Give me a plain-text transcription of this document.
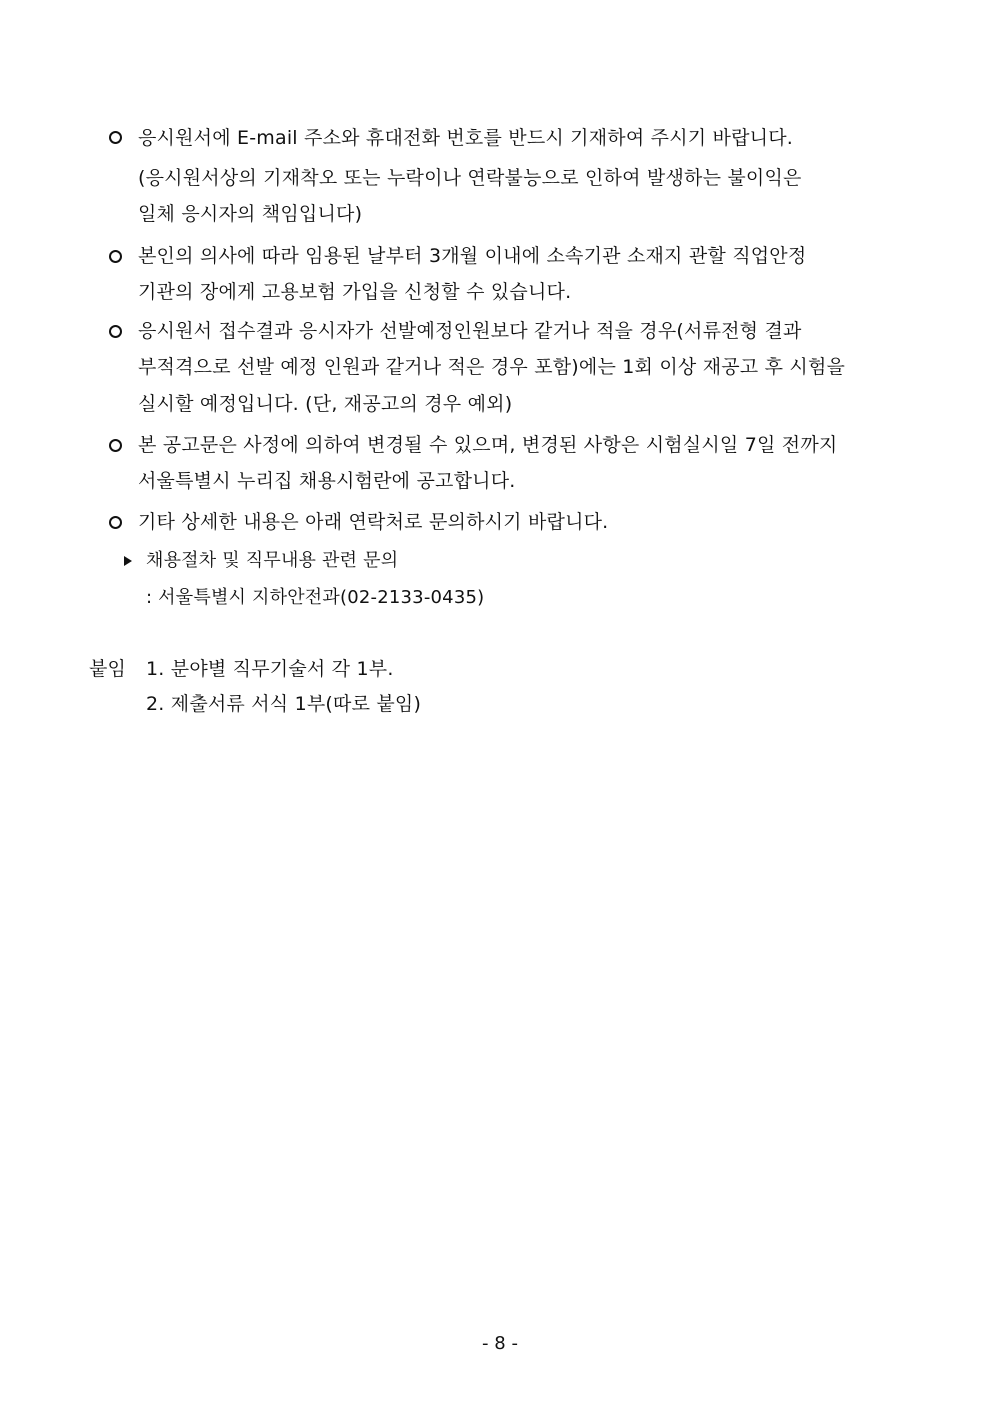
응시원서에 E-mail 주소와 휴대전화 번호를 반드시 기재하여 주시기 바랍니다.
(응시원서상의 기재착오 또는 누락이나 연락불능으로 인하여 발생하는 불이익은
일체 응시자의 책임입니다)
본인의 의사에 따라 임용된 날부터 3개월 이내에 소속기관 소재지 관할 직업안정
기관의 장에게 고용보험 가입을 신청할 수 있습니다.
응시원서 접수결과 응시자가 선발예정인원보다 같거나 적을 경우(서류전형 결과
부적격으로 선발 예정 인원과 같거나 적은 경우 포함)에는 1회 이상 재공고 후 시험을
실시할 예정입니다. (단, 재공고의 경우 예외)
본 공고문은 사정에 의하여 변경될 수 있으며, 변경된 사항은 시험실시일 7일 전까지
서울특별시 누리집 채용시험란에 공고합니다.
기타 상세한 내용은 아래 연락처로 문의하시기 바랍니다.
채용절차 및 직무내용 관련 문의
: 서울특별시 지하안전과(02-2133-0435)
붙임 1. 분야별 직무기술서 각 1부.
2. 제출서류 서식 1부(따로 붙임)
- 8 -
